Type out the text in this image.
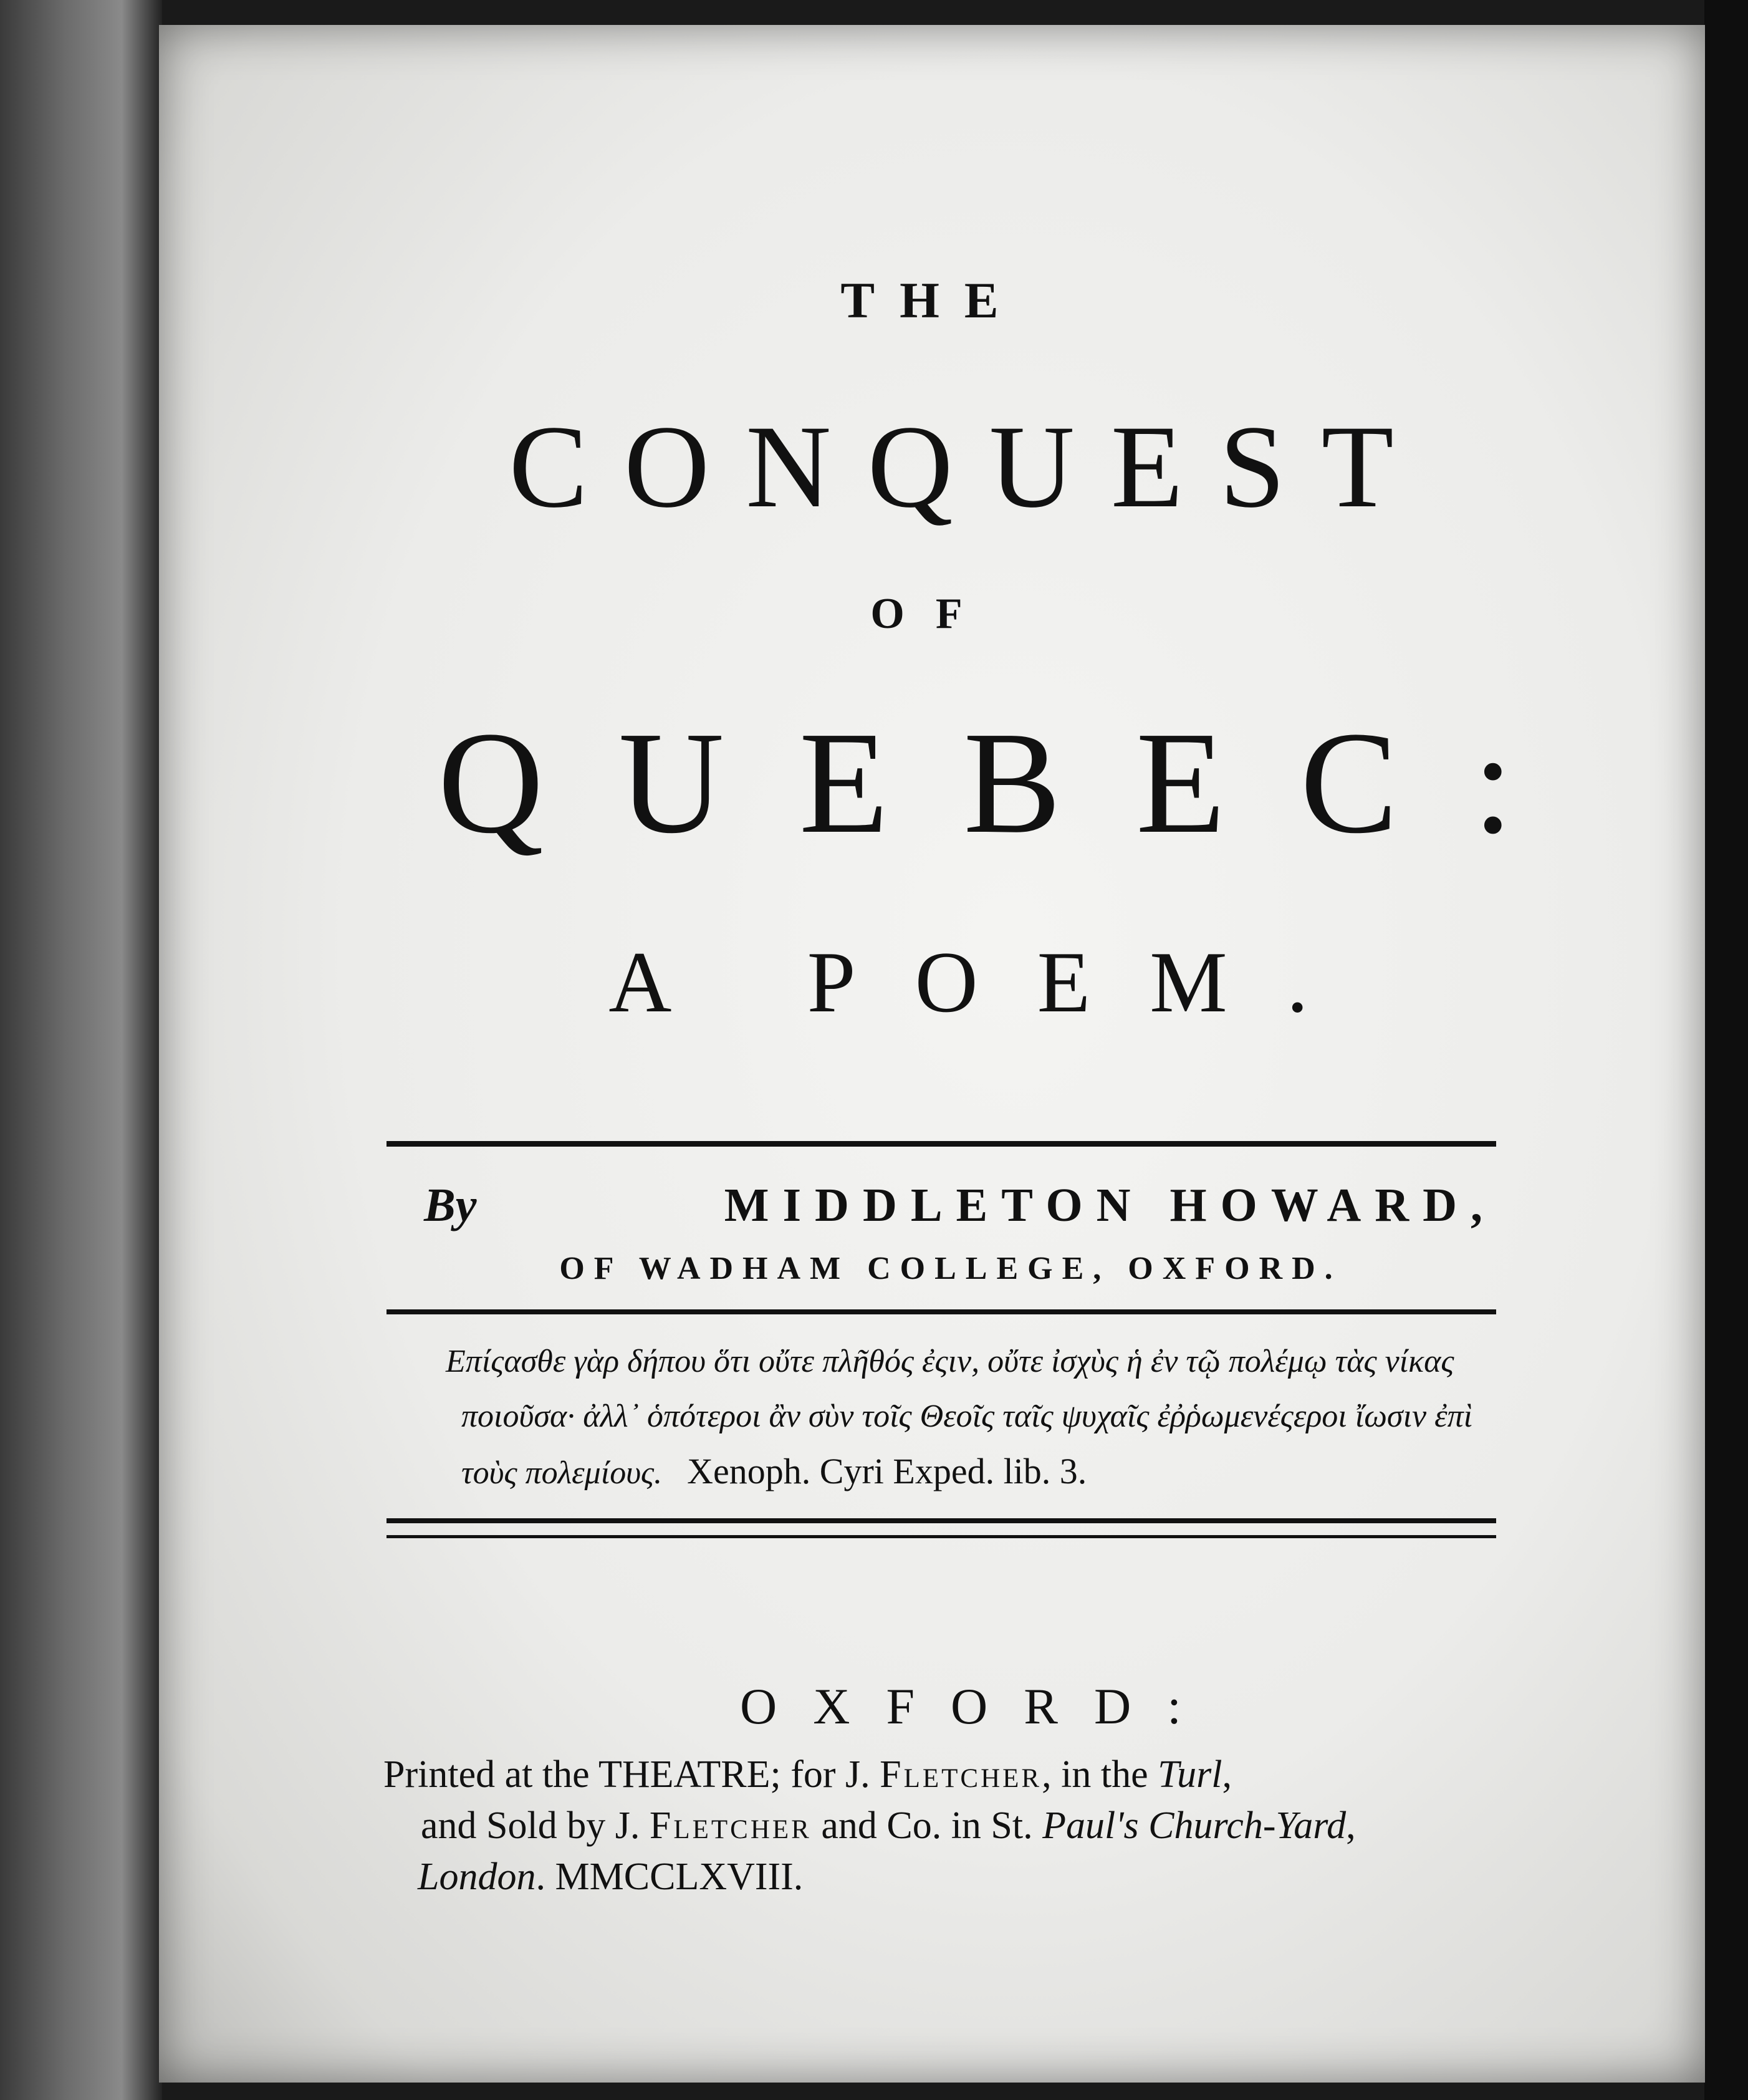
THE
CONQUEST
OF
QUEBEC:
A POEM.
By	MIDDLETON HOWARD,
OF WADHAM COLLEGE, OXFORD.
Επίςασθε γὰρ δήπου ὅτι οὔτε πλῆθός ἐςιν, οὔτε ἰσχὺς ἡ ἐν τῷ πολέμῳ τὰς νίκας
ποιοῦσα· ἀλλ᾽ ὁπότεροι ἂν σὺν τοῖς Θεοῖς ταῖς ψυχαῖς ἐῤῥωμενέςεροι ἴωσιν ἐπὶ
τοὺς πολεμίους. Xenoph. Cyri Exped. lib. 3.
OXFORD:
Printed at the THEATRE; for J. Fletcher, in the Turl,
and Sold by J. Fletcher and Co. in St. Paul's Church-Yard,
London. MMCCLXVIII.
